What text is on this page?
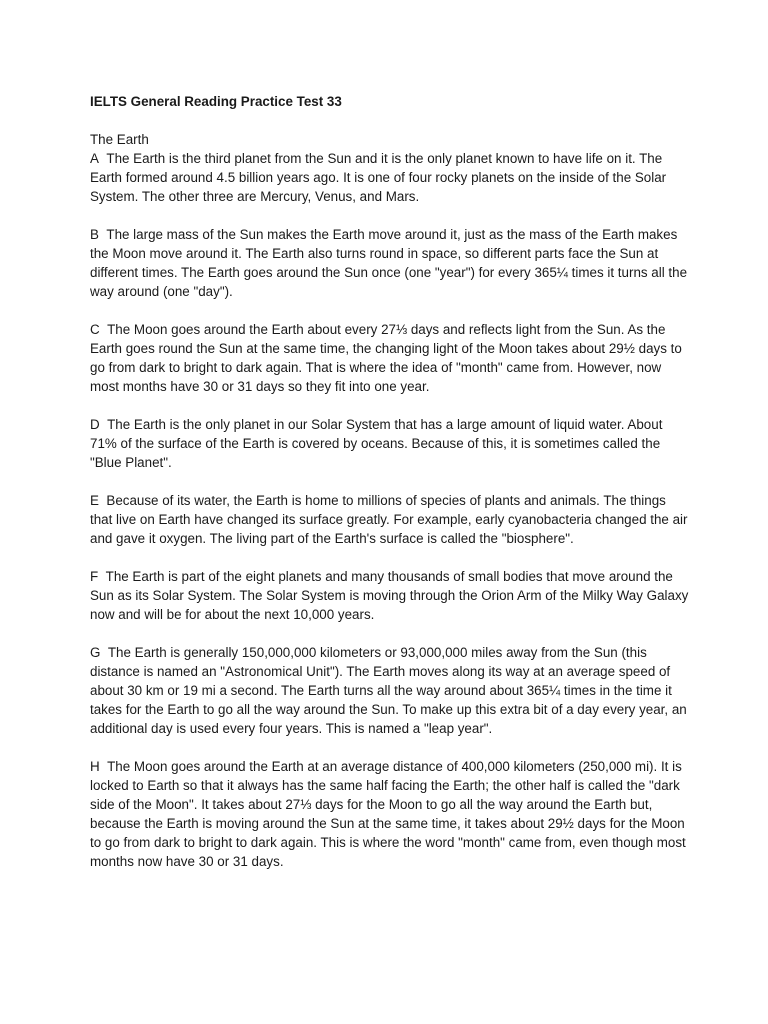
IELTS General Reading Practice Test 33

The Earth

A The Earth is the third planet from the Sun and it is the only planet known to have life on it. The Earth formed around 4.5 billion years ago. It is one of four rocky planets on the inside of the Solar System. The other three are Mercury, Venus, and Mars.

B The large mass of the Sun makes the Earth move around it, just as the mass of the Earth makes the Moon move around it. The Earth also turns round in space, so different parts face the Sun at different times. The Earth goes around the Sun once (one "year") for every 365¼ times it turns all the way around (one "day").

C The Moon goes around the Earth about every 27⅓ days and reflects light from the Sun. As the Earth goes round the Sun at the same time, the changing light of the Moon takes about 29½ days to go from dark to bright to dark again. That is where the idea of "month" came from. However, now most months have 30 or 31 days so they fit into one year.

D The Earth is the only planet in our Solar System that has a large amount of liquid water. About 71% of the surface of the Earth is covered by oceans. Because of this, it is sometimes called the "Blue Planet".

E Because of its water, the Earth is home to millions of species of plants and animals. The things that live on Earth have changed its surface greatly. For example, early cyanobacteria changed the air and gave it oxygen. The living part of the Earth's surface is called the "biosphere".

F The Earth is part of the eight planets and many thousands of small bodies that move around the Sun as its Solar System. The Solar System is moving through the Orion Arm of the Milky Way Galaxy now and will be for about the next 10,000 years.

G The Earth is generally 150,000,000 kilometers or 93,000,000 miles away from the Sun (this distance is named an "Astronomical Unit"). The Earth moves along its way at an average speed of about 30 km or 19 mi a second. The Earth turns all the way around about 365¼ times in the time it takes for the Earth to go all the way around the Sun. To make up this extra bit of a day every year, an additional day is used every four years. This is named a "leap year".

H The Moon goes around the Earth at an average distance of 400,000 kilometers (250,000 mi). It is locked to Earth so that it always has the same half facing the Earth; the other half is called the "dark side of the Moon". It takes about 27⅓ days for the Moon to go all the way around the Earth but, because the Earth is moving around the Sun at the same time, it takes about 29½ days for the Moon to go from dark to bright to dark again. This is where the word "month" came from, even though most months now have 30 or 31 days.
